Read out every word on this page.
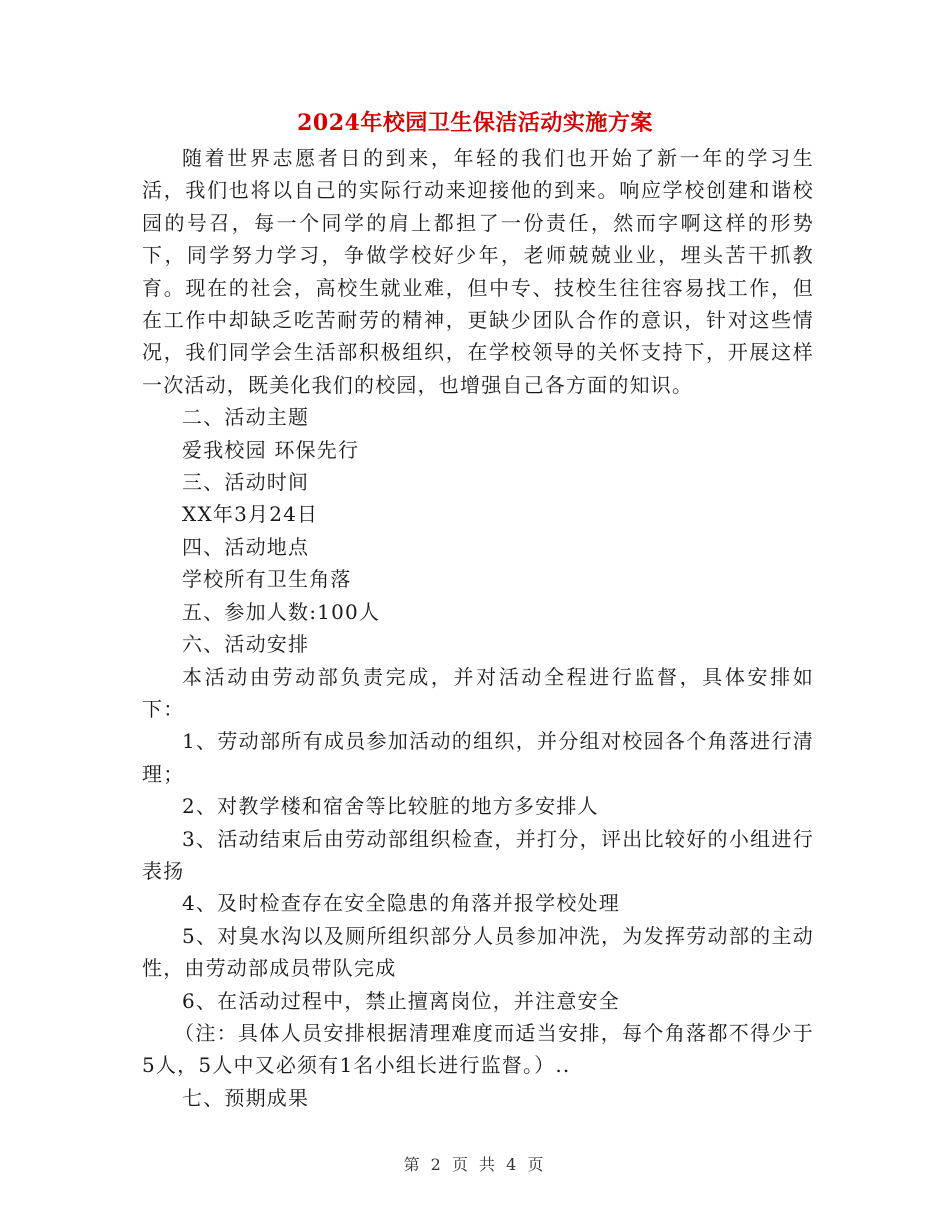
2024年校园卫生保洁活动实施方案

随着世界志愿者日的到来，年轻的我们也开始了新一年的学习生活，我们也将以自己的实际行动来迎接他的到来。响应学校创建和谐校园的号召，每一个同学的肩上都担了一份责任，然而字啊这样的形势下，同学努力学习，争做学校好少年，老师兢兢业业，埋头苦干抓教育。现在的社会，高校生就业难，但中专、技校生往往容易找工作，但在工作中却缺乏吃苦耐劳的精神，更缺少团队合作的意识，针对这些情况，我们同学会生活部积极组织，在学校领导的关怀支持下，开展这样一次活动，既美化我们的校园，也增强自己各方面的知识。

二、活动主题

爱我校园 环保先行

三、活动时间

XX年3月24日

四、活动地点

学校所有卫生角落

五、参加人数:100人

六、活动安排

本活动由劳动部负责完成，并对活动全程进行监督，具体安排如下：

1、劳动部所有成员参加活动的组织，并分组对校园各个角落进行清理；

2、对教学楼和宿舍等比较脏的地方多安排人

3、活动结束后由劳动部组织检查，并打分，评出比较好的小组进行表扬

4、及时检查存在安全隐患的角落并报学校处理

5、对臭水沟以及厕所组织部分人员参加冲洗，为发挥劳动部的主动性，由劳动部成员带队完成

6、在活动过程中，禁止擅离岗位，并注意安全

（注：具体人员安排根据清理难度而适当安排，每个角落都不得少于5人，5人中又必须有1名小组长进行监督。）..

七、预期成果

第 2 页 共 4 页
